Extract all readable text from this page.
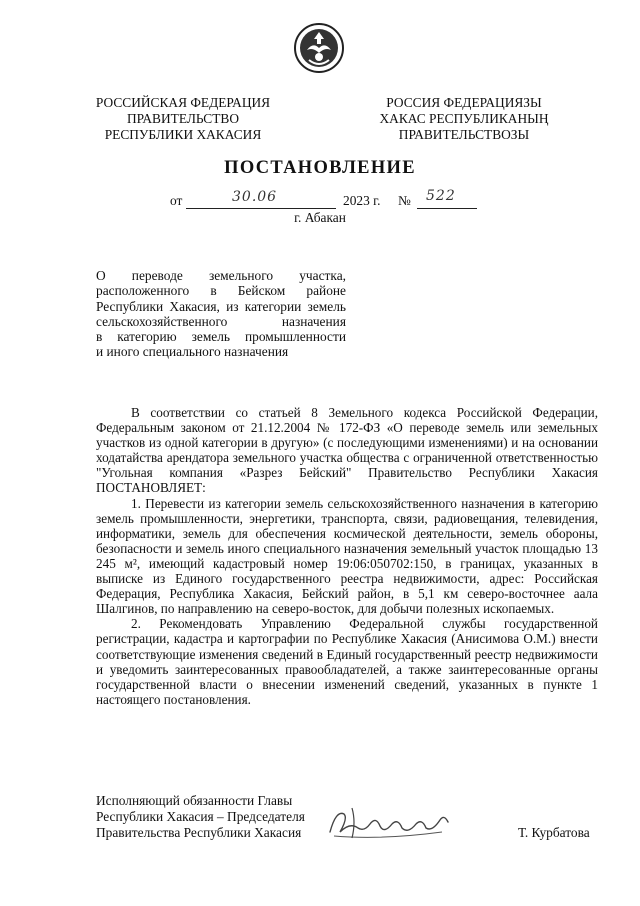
РОССИЙСКАЯ ФЕДЕРАЦИЯ
ПРАВИТЕЛЬСТВО
РЕСПУБЛИКИ ХАКАСИЯ
РОССИЯ ФЕДЕРАЦИЯЗЫ
ХАКАС РЕСПУБЛИКАНЫҢ
ПРАВИТЕЛЬСТВОЗЫ
ПОСТАНОВЛЕНИЕ
от	30.06	2023 г. № 522
г. Абакан

О переводе земельного участка,

расположенного в Бейском районе

Республики Хакасия, из категории земель

сельскохозяйственного назначения

в категорию земель промышленности

и иного специального назначения

В соответствии со статьей 8 Земельного кодекса Российской Федерации, Федеральным законом от 21.12.2004 № 172-ФЗ «О переводе земель или земельных участков из одной категории в другую» (с последующими изменениями) и на основании ходатайства арендатора земельного участка общества с ограниченной ответственностью "Угольная компания «Разрез Бейский" Правительство Республики Хакасия ПОСТАНОВЛЯЕТ:

1. Перевести из категории земель сельскохозяйственного назначения в категорию земель промышленности, энергетики, транспорта, связи, радиовещания, телевидения, информатики, земель для обеспечения космической деятельности, земель обороны, безопасности и земель иного специального назначения земельный участок площадью 13 245 м², имеющий кадастровый номер 19:06:050702:150, в границах, указанных в выписке из Единого государственного реестра недвижимости, адрес: Российская Федерация, Республика Хакасия, Бейский район, в 5,1 км северо-восточнее аала Шалгинов, по направлению на северо-восток, для добычи полезных ископаемых.

2. Рекомендовать Управлению Федеральной службы государственной регистрации, кадастра и картографии по Республике Хакасия (Анисимова О.М.) внести соответствующие изменения сведений в Единый государственный реестр недвижимости и уведомить заинтересованных правообладателей, а также заинтересованные органы государственной власти о внесении изменений сведений, указанных в пункте 1 настоящего постановления.

Исполняющий обязанности Главы
Республики Хакасия – Председателя
Правительства Республики Хакасия	Т. Курбатова
